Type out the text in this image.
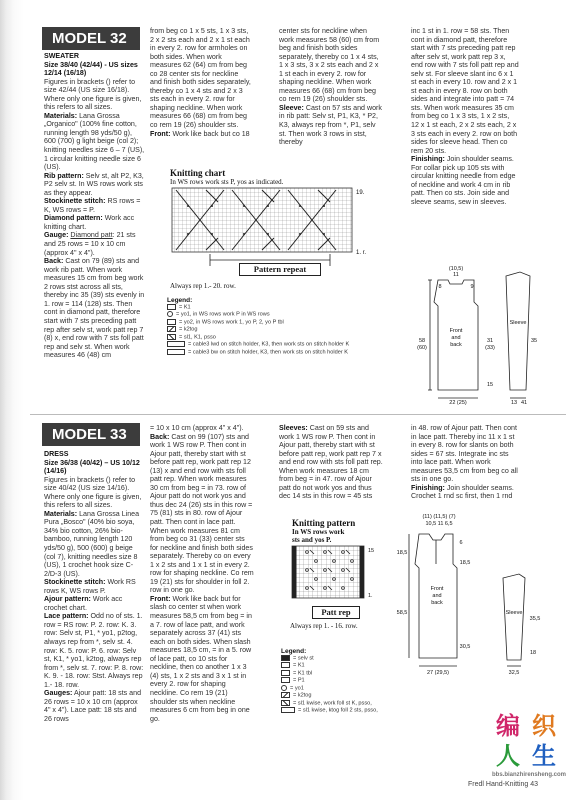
MODEL 32

SWEATER

Size 38/40 (42/44) - US sizes 12/14 (16/18)

Figures in brackets () refer to size 42/44 (US size 16/18). Where only one figure is given, this refers to all sizes.

Materials: Lana Grossa „Organico" (100% fine cotton, running length 98 yds/50 g), 600 (700) g light beige (col 2); knitting needles size 6 – 7 (US), 1 circular knitting needle size 6 (US).

Rib pattern: Selv st, alt P2, K3, P2 selv st. In WS rows work sts as they appear.

Stockinette stitch: RS rows = K, WS rows = P.

Diamond pattern: Work acc knitting chart.

Gauge: Diamond patt: 21 sts and 25 rows = 10 x 10 cm (approx 4" x 4").

Back: Cast on 79 (89) sts and work rib patt. When work measures 15 cm from beg work 2 rows stst across all sts, thereby inc 35 (39) sts evenly in 1. row = 114 (128) sts. Then cont in diamond patt, therefore start with 7 sts preceding patt rep after selv st, work patt rep 7 (8) x, end row with 7 sts foll patt rep and selv st. When work measures 46 (48) cm

from beg co 1 x 5 sts, 1 x 3 sts, 2 x 2 sts each and 2 x 1 st each in every 2. row for armholes on both sides. When work measures 62 (64) cm from beg co 28 center sts for neckline and finish both sides separately, thereby co 1 x 4 sts and 2 x 3 sts each in every 2. row for shaping neckline. When work measures 66 (68) cm from beg co rem 19 (26) shoulder sts.

Front: Work like back but co 18

center sts for neckline when work measures 58 (60) cm from beg and finish both sides separately, thereby co 1 x 4 sts, 1 x 3 sts, 3 x 2 sts each and 2 x 1 st each in every 2. row for shaping neckline. When work measures 66 (68) cm from beg co rem 19 (26) shoulder sts.

Sleeve: Cast on 57 sts and work in rib patt: Selv st, P1, K3, * P2, K3, always rep from *, P1, selv st. Then work 3 rows in stst, thereby

inc 1 st in 1. row = 58 sts. Then cont in diamond patt, therefore start with 7 sts preceding patt rep after selv st, work patt rep 3 x, end row with 7 sts foll patt rep and selv st. For sleeve slant inc 6 x 1 st each in every 10. row and 2 x 1 st each in every 8. row on both sides and integrate into patt = 74 sts. When work measures 35 cm from beg co 1 x 3 sts, 1 x 2 sts, 12 x 1 st each, 2 x 2 sts each, 2 x 3 sts each in every 2. row on both sides for sleeve head. Then co rem 20 sts.

Finishing: Join shoulder seams. For collar pick up 105 sts with circular knitting needle from edge of neckline and work 4 cm in rib patt. Then co sts. Join side and sleeve seams, sew in sleeves.

Knitting chart
In WS rows work sts P, yos as indicated.
19.
1. r.
Pattern repeat
Always rep 1.- 20. row.
Legend:
= K1
= yo1, in WS rows work P in WS rows
= yo2, in WS rows work 1, yo P, 2, yo P tbl
= k2tog
= sl1, K1, psso
= cable3 lwd on stitch holder, K3, then work sts on stitch holder K
= cable3 bw on stitch holder, K3, then work sts on stitch holder K
(10,5)
11
8	9
58
(60)
Front
and
back
31
(33)
15
22 (25)
Sleeve
35
13 41
MODEL 33

DRESS

Size 36/38 (40/42) – US 10/12 (14/16)

Figures in brackets () refer to size 40/42 (US size 14/16). Where only one figure is given, this refers to all sizes.

Materials: Lana Grossa Linea Pura „Bosco" (40% bio soya, 34% bio cotton, 26% bio-bamboo, running length 120 yds/50 g), 500 (600) g beige (col 7), knitting needles size 8 (US), 1 crochet hook size C-2/D-3 (US).

Stockinette stitch: Work RS rows K, WS rows P.

Ajour pattern: Work acc crochet chart.

Lace pattern: Odd no of sts. 1. row = RS row: P. 2. row: K. 3. row: Selv st, P1, * yo1, p2tog, always rep from *, selv st. 4. row: K. 5. row: P. 6. row: Selv st, K1, * yo1, k2tog, always rep from *, selv st. 7. row: P. 8. row: K. 9. - 18. row: Stst. Always rep 1.- 18. row.

Gauges: Ajour patt: 18 sts and 26 rows = 10 x 10 cm (approx 4" x 4"). Lace patt: 18 sts and 26 rows

= 10 x 10 cm (approx 4" x 4").

Back: Cast on 99 (107) sts and work 1 WS row P. Then cont in Ajour patt, thereby start with st before patt rep, work patt rep 12 (13) x and end row with sts foll patt rep. When work measures 30 cm from beg = in 73. row of Ajour patt do not work yos and thus dec 24 (26) sts in this row = 75 (81) sts in 80. row of Ajour patt. Then cont in lace patt. When work measures 81 cm from beg co 31 (33) center sts for neckline and finish both sides separately. Thereby co on every 1 x 2 sts and 1 x 1 st in every 2. row for shaping neckline. Co rem 19 (21) sts for shoulder in foll 2. row in one go.

Front: Work like back but for slash co center st when work measures 58,5 cm from beg = in a 7. row of lace patt, and work separately across 37 (41) sts each on both sides. When slash measures 18,5 cm, = in a 5. row of lace patt, co 10 sts for neckline, then co another 1 x 3 (4) sts, 1 x 2 sts and 3 x 1 st in every 2. row for shaping neckline. Co rem 19 (21) shoulder sts when neckline measures 6 cm from beg in one go.

Sleeves: Cast on 59 sts and work 1 WS row P. Then cont in Ajour patt, thereby start with st before patt rep, work patt rep 7 x and end row with sts foll patt rep. When work measures 18 cm from beg = in 47. row of Ajour patt do not work yos and thus dec 14 sts in this row = 45 sts

in 48. row of Ajour patt. Then cont in lace patt. Thereby inc 11 x 1 st in every 8. row for slants on both sides = 67 sts. Integrate inc sts into lace patt. When work measures 53,5 cm from beg co all sts in one go.

Finishing: Join shoulder seams. Crochet 1 rnd sc first, then 1 rnd

Knitting pattern
In WS rows work
sts and yos P.
15
1.
Patt rep
Always rep 1. - 16. row.
Legend:
= selv st
= K1
= K1 tbl
= P1
= yo1
= k2tog
= sl1 kwise, work foll st K, psso,
= sl1 kwise, ktog foll 2 sts, psso,
(11) (11,5) (7)
10,5 11 6,5
6
18,5
18,5
58,5
30,5
Front
and
back
27 (29,5)
Sleeve
35,5
18
32,5
Fredl Hand-Knitting 43
编 织
人 生
bbs.bianzhirensheng.com
